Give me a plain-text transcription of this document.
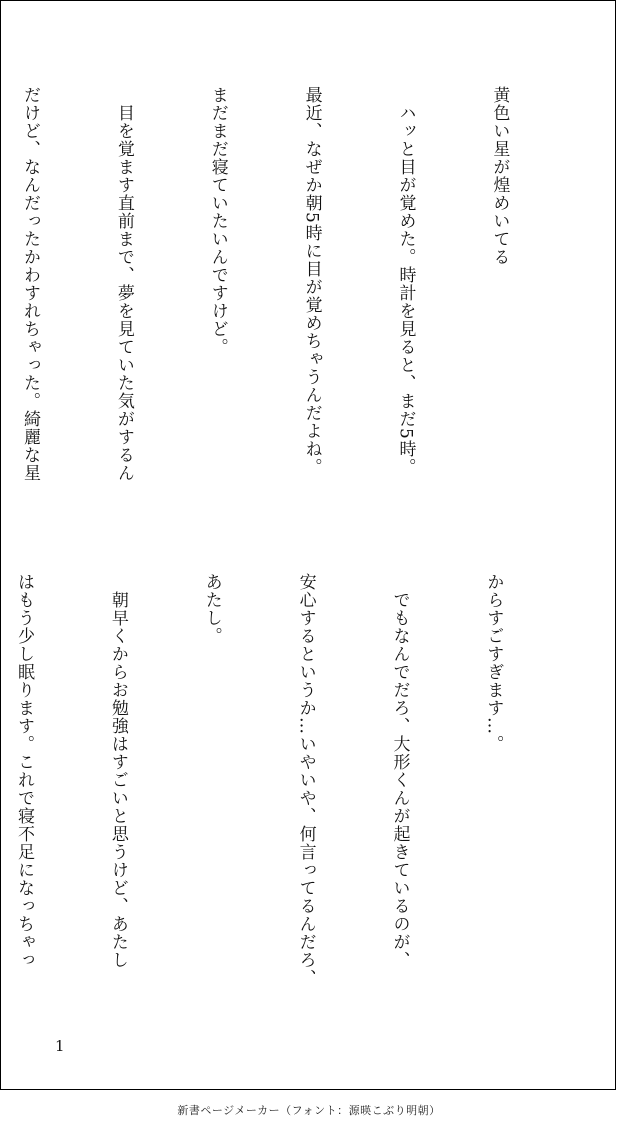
黄色い星が煌めいてる

　ハッと目が覚めた。時計を見ると、まだ5時。

最近、なぜか朝5時に目が覚めちゃうんだよね。

まだまだ寝ていたいんですけど。

　目を覚ます直前まで、夢を見ていた気がするん

だけど、なんだったかわすれちゃった。綺麗な星

からすごすぎます…。

　でもなんでだろ、大形くんが起きているのが、

安心するというか…いやいや、何言ってるんだろ、

あたし。

　朝早くからお勉強はすごいと思うけど、あたし

はもう少し眠ります。これで寝不足になっちゃっ

1
新書ページメーカー（フォント：源暎こぶり明朝）
